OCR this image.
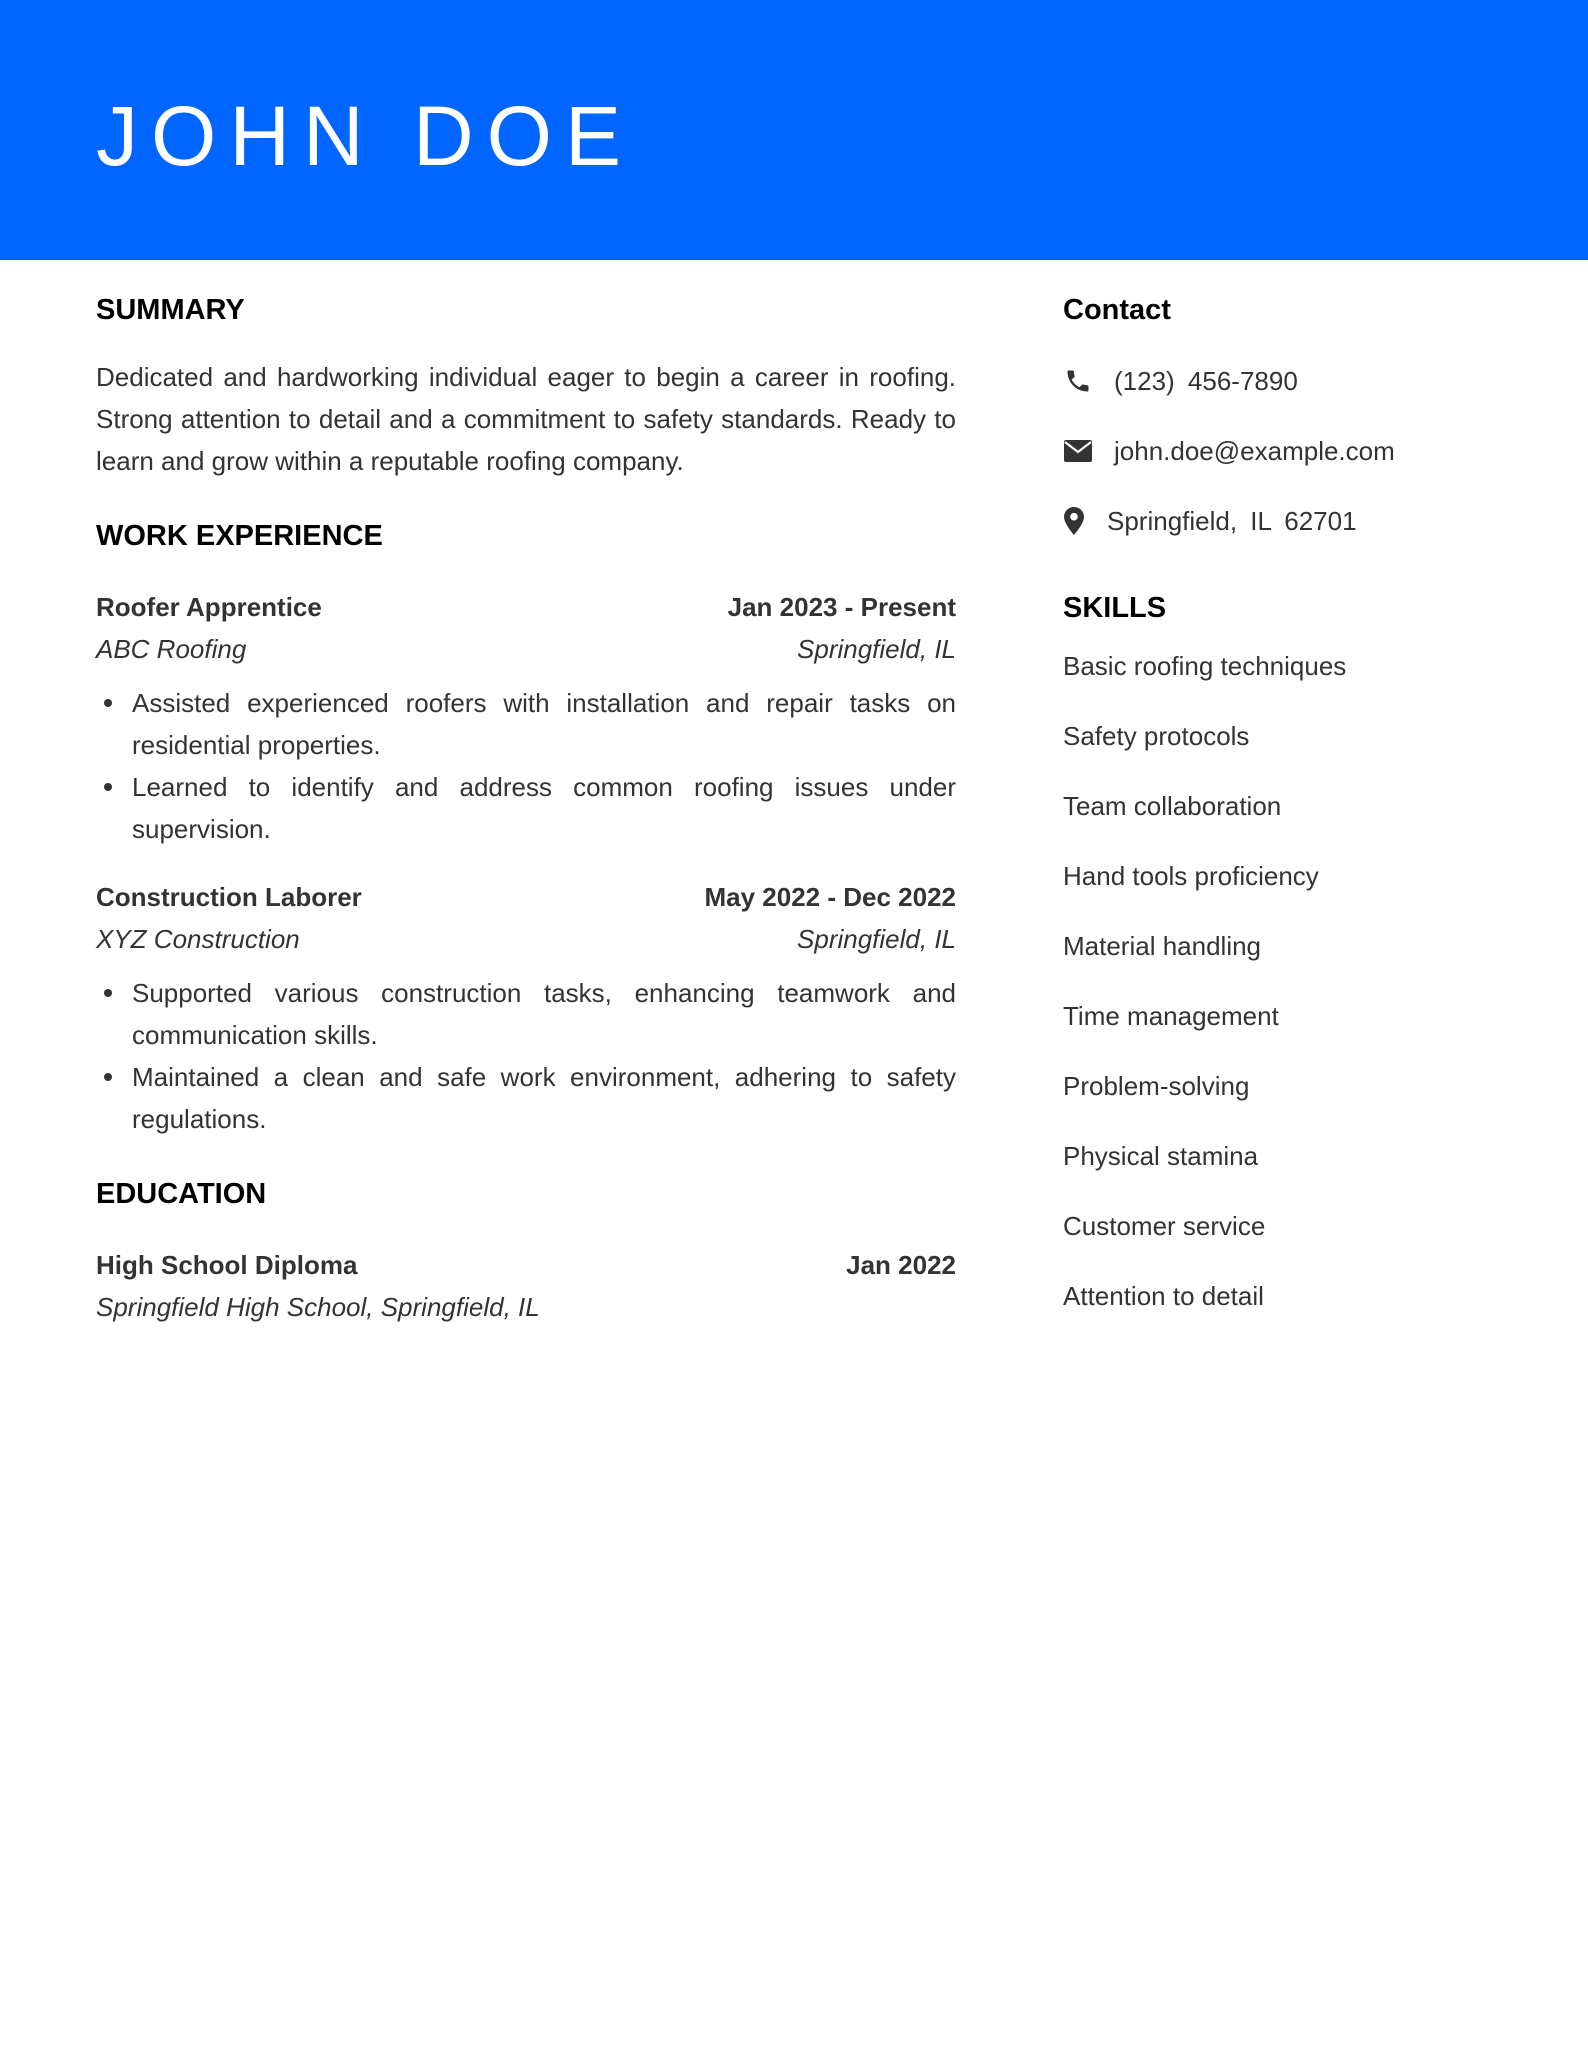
JOHN DOE
SUMMARY

Dedicated and hardworking individual eager to begin a career in roofing. Strong attention to detail and a commitment to safety standards. Ready to learn and grow within a reputable roofing company.

WORK EXPERIENCE
Roofer Apprentice	Jan 2023 - Present
ABC Roofing	Springfield, IL
Assisted experienced roofers with installation and repair tasks on residential properties.
Learned to identify and address common roofing issues under supervision.
Construction Laborer	May 2022 - Dec 2022
XYZ Construction	Springfield, IL
Supported various construction tasks, enhancing teamwork and communication skills.
Maintained a clean and safe work environment, adhering to safety regulations.
EDUCATION
High School Diploma	Jan 2022
Springfield High School, Springfield, IL
Contact
(123) 456-7890
john.doe@example.com
Springfield, IL 62701
SKILLS
Basic roofing techniques
Safety protocols
Team collaboration
Hand tools proficiency
Material handling
Time management
Problem-solving
Physical stamina
Customer service
Attention to detail
